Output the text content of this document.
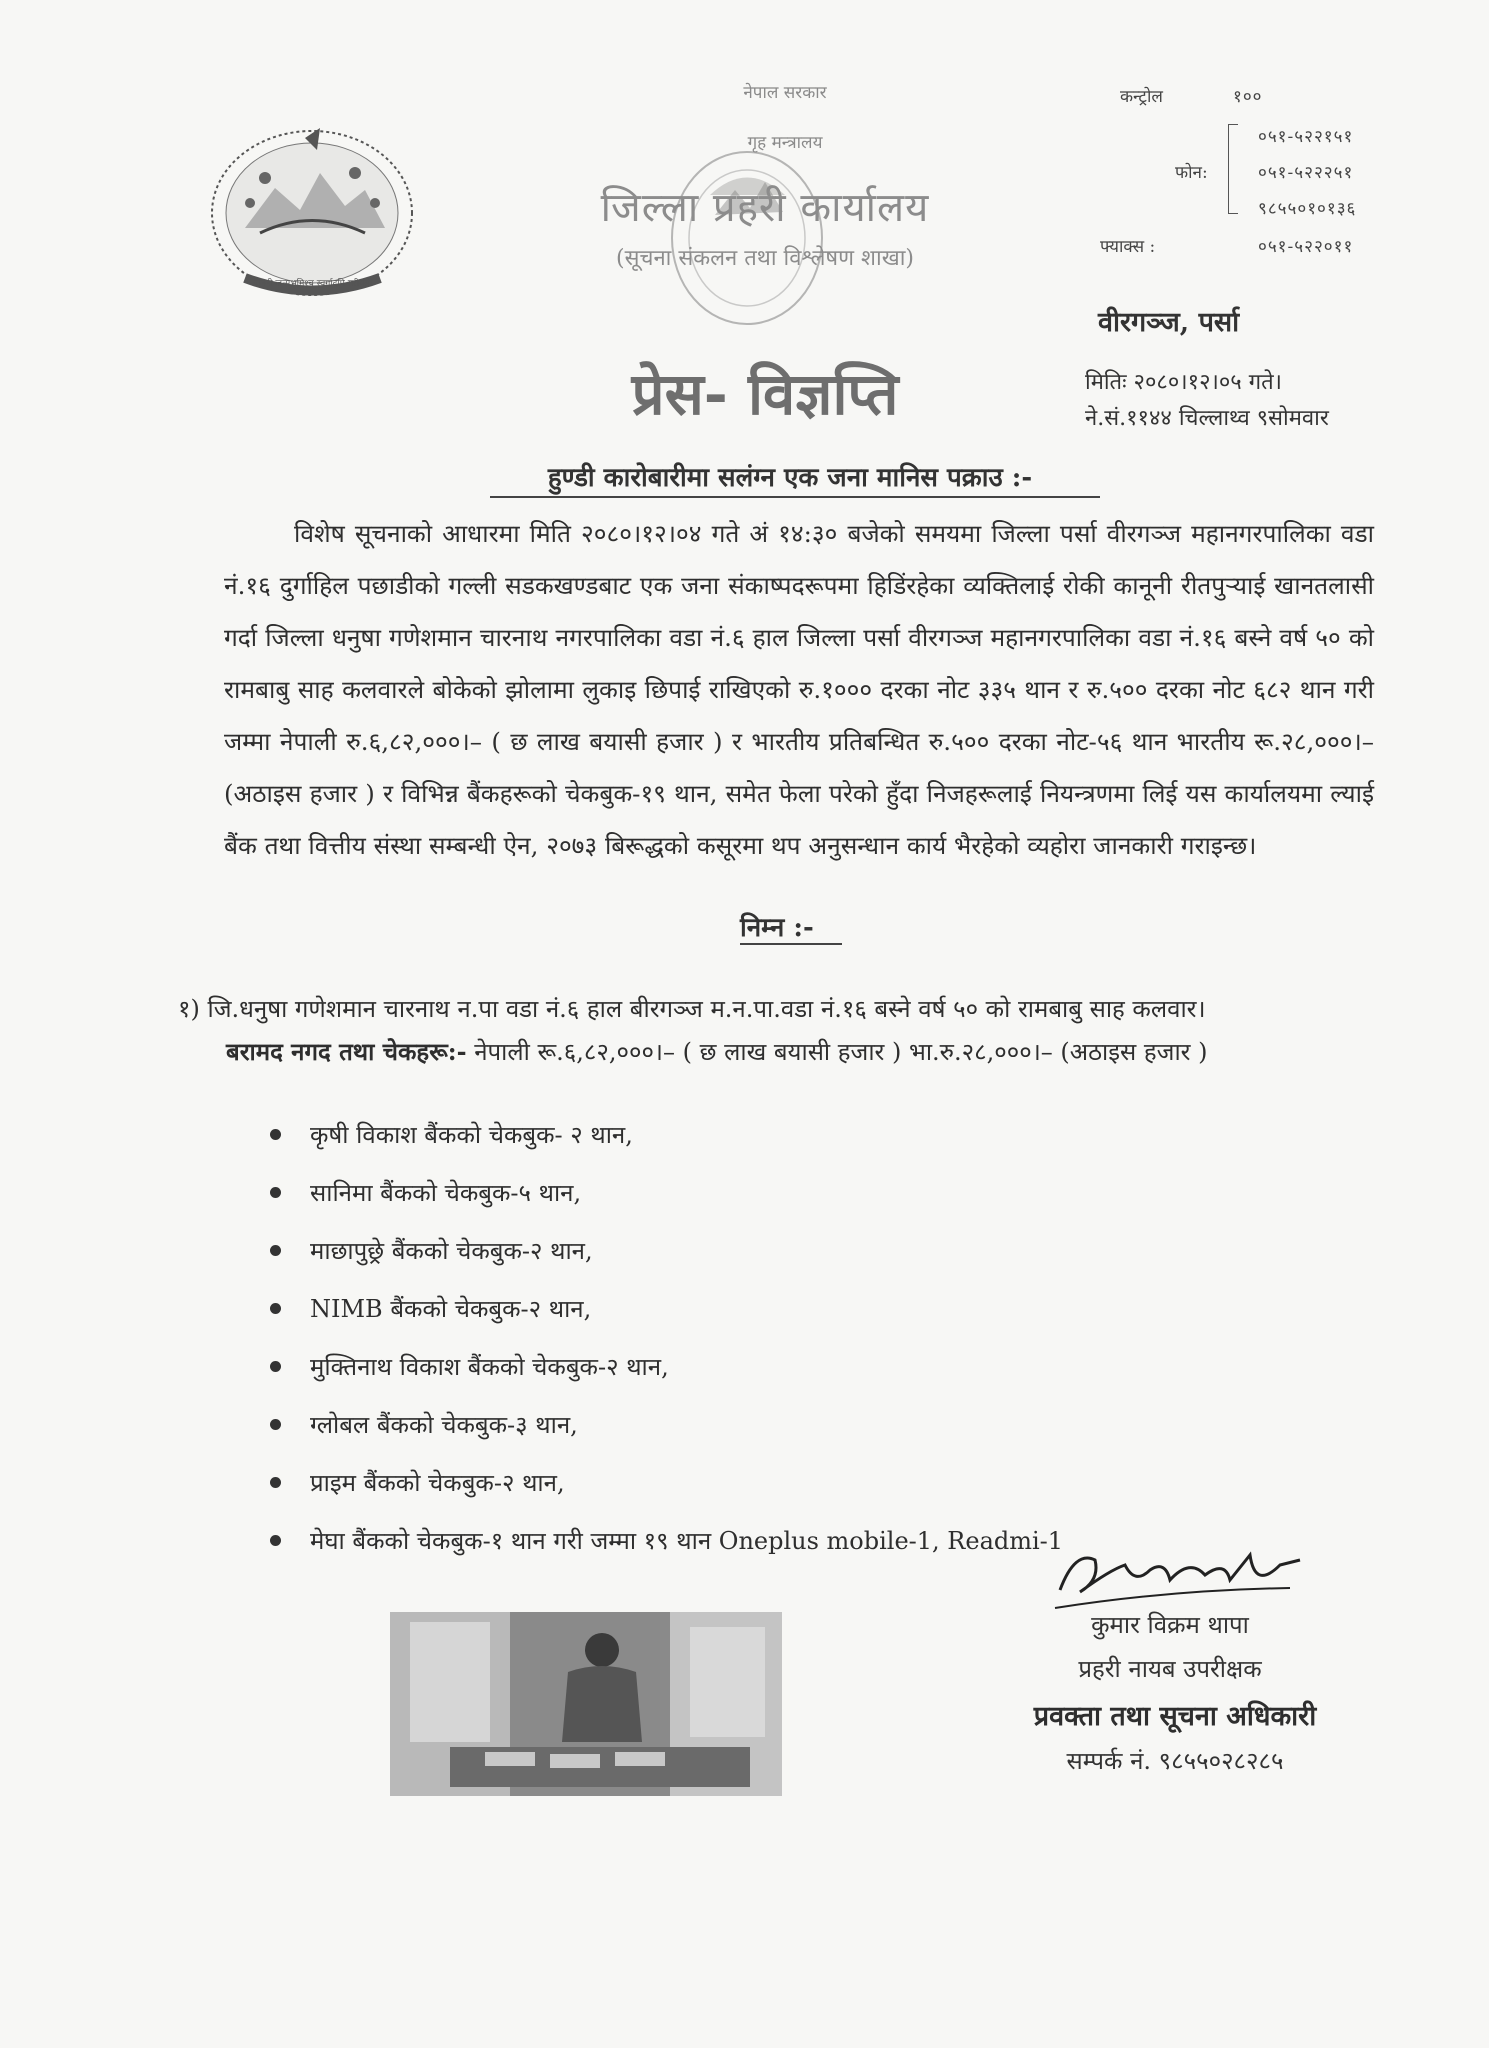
जननी जन्मभूमिश्च स्वर्गादपि गरीयसी
नेपाल सरकार
गृह मन्त्रालय
जिल्ला प्रहरी कार्यालय
(सूचना संकलन तथा विश्लेषण शाखा)
प्रेस- विज्ञप्ति
कन्ट्रोल	१००
फोन:
०५१-५२२१५१
०५१-५२२२५१
९८५५०१०१३६
फ्याक्स :	०५१-५२२०११
वीरगञ्ज, पर्सा
मितिः २०८०।१२।०५ गते।
ने.सं.११४४ चिल्लाथ्व ९सोमवार
हुण्डी कारोबारीमा सलंग्न एक जना मानिस पक्राउ :-

विशेष सूचनाको आधारमा मिति २०८०।१२।०४ गते अं १४:३० बजेको समयमा जिल्ला पर्सा वीरगञ्ज महानगरपालिका वडा नं.१६ दुर्गाहिल पछाडीको गल्ली सडकखण्डबाट एक जना संकाष्पदरूपमा हिडिंरहेका व्यक्तिलाई रोकी कानूनी रीतपुऱ्याई खानतलासी गर्दा जिल्ला धनुषा गणेशमान चारनाथ नगरपालिका वडा नं.६ हाल जिल्ला पर्सा वीरगञ्ज महानगरपालिका वडा नं.१६ बस्ने वर्ष ५० को रामबाबु साह कलवारले बोकेको झोलामा लुकाइ छिपाई राखिएको रु.१००० दरका नोट ३३५ थान र रु.५०० दरका नोट ६८२ थान गरी जम्मा नेपाली रु.६,८२,०००।– ( छ लाख बयासी हजार ) र भारतीय प्रतिबन्धित रु.५०० दरका नोट-५६ थान भारतीय रू.२८,०००।– (अठाइस हजार ) र विभिन्न बैंकहरूको चेकबुक-१९ थान, समेत फेला परेको हुँदा निजहरूलाई नियन्त्रणमा लिई यस कार्यालयमा ल्याई बैंक तथा वित्तीय संस्था सम्बन्धी ऐन, २०७३ बिरूद्धको कसूरमा थप अनुसन्धान कार्य भैरहेको व्यहोरा जानकारी गराइन्छ।

निम्न :-
१) जि.धनुषा गणेशमान चारनाथ न.पा वडा नं.६ हाल बीरगञ्ज म.न.पा.वडा नं.१६ बस्ने वर्ष ५० को रामबाबु साह कलवार।
बरामद नगद तथा चेकहरू:- नेपाली रू.६,८२,०००।– ( छ लाख बयासी हजार ) भा.रु.२८,०००।– (अठाइस हजार )
कृषी विकाश बैंकको चेकबुक- २ थान,
सानिमा बैंकको चेकबुक-५ थान,
माछापुछ्रे बैंकको चेकबुक-२ थान,
NIMB बैंकको चेकबुक-२ थान,
मुक्तिनाथ विकाश बैंकको चेकबुक-२ थान,
ग्लोबल बैंकको चेकबुक-३ थान,
प्राइम बैंकको चेकबुक-२ थान,
मेघा बैंकको चेकबुक-१ थान गरी जम्मा १९ थान Oneplus mobile-1, Readmi-1
कुमार विक्रम थापा
प्रहरी नायब उपरीक्षक
प्रवक्ता तथा सूचना अधिकारी
सम्पर्क नं. ९८५५०२८२८५
